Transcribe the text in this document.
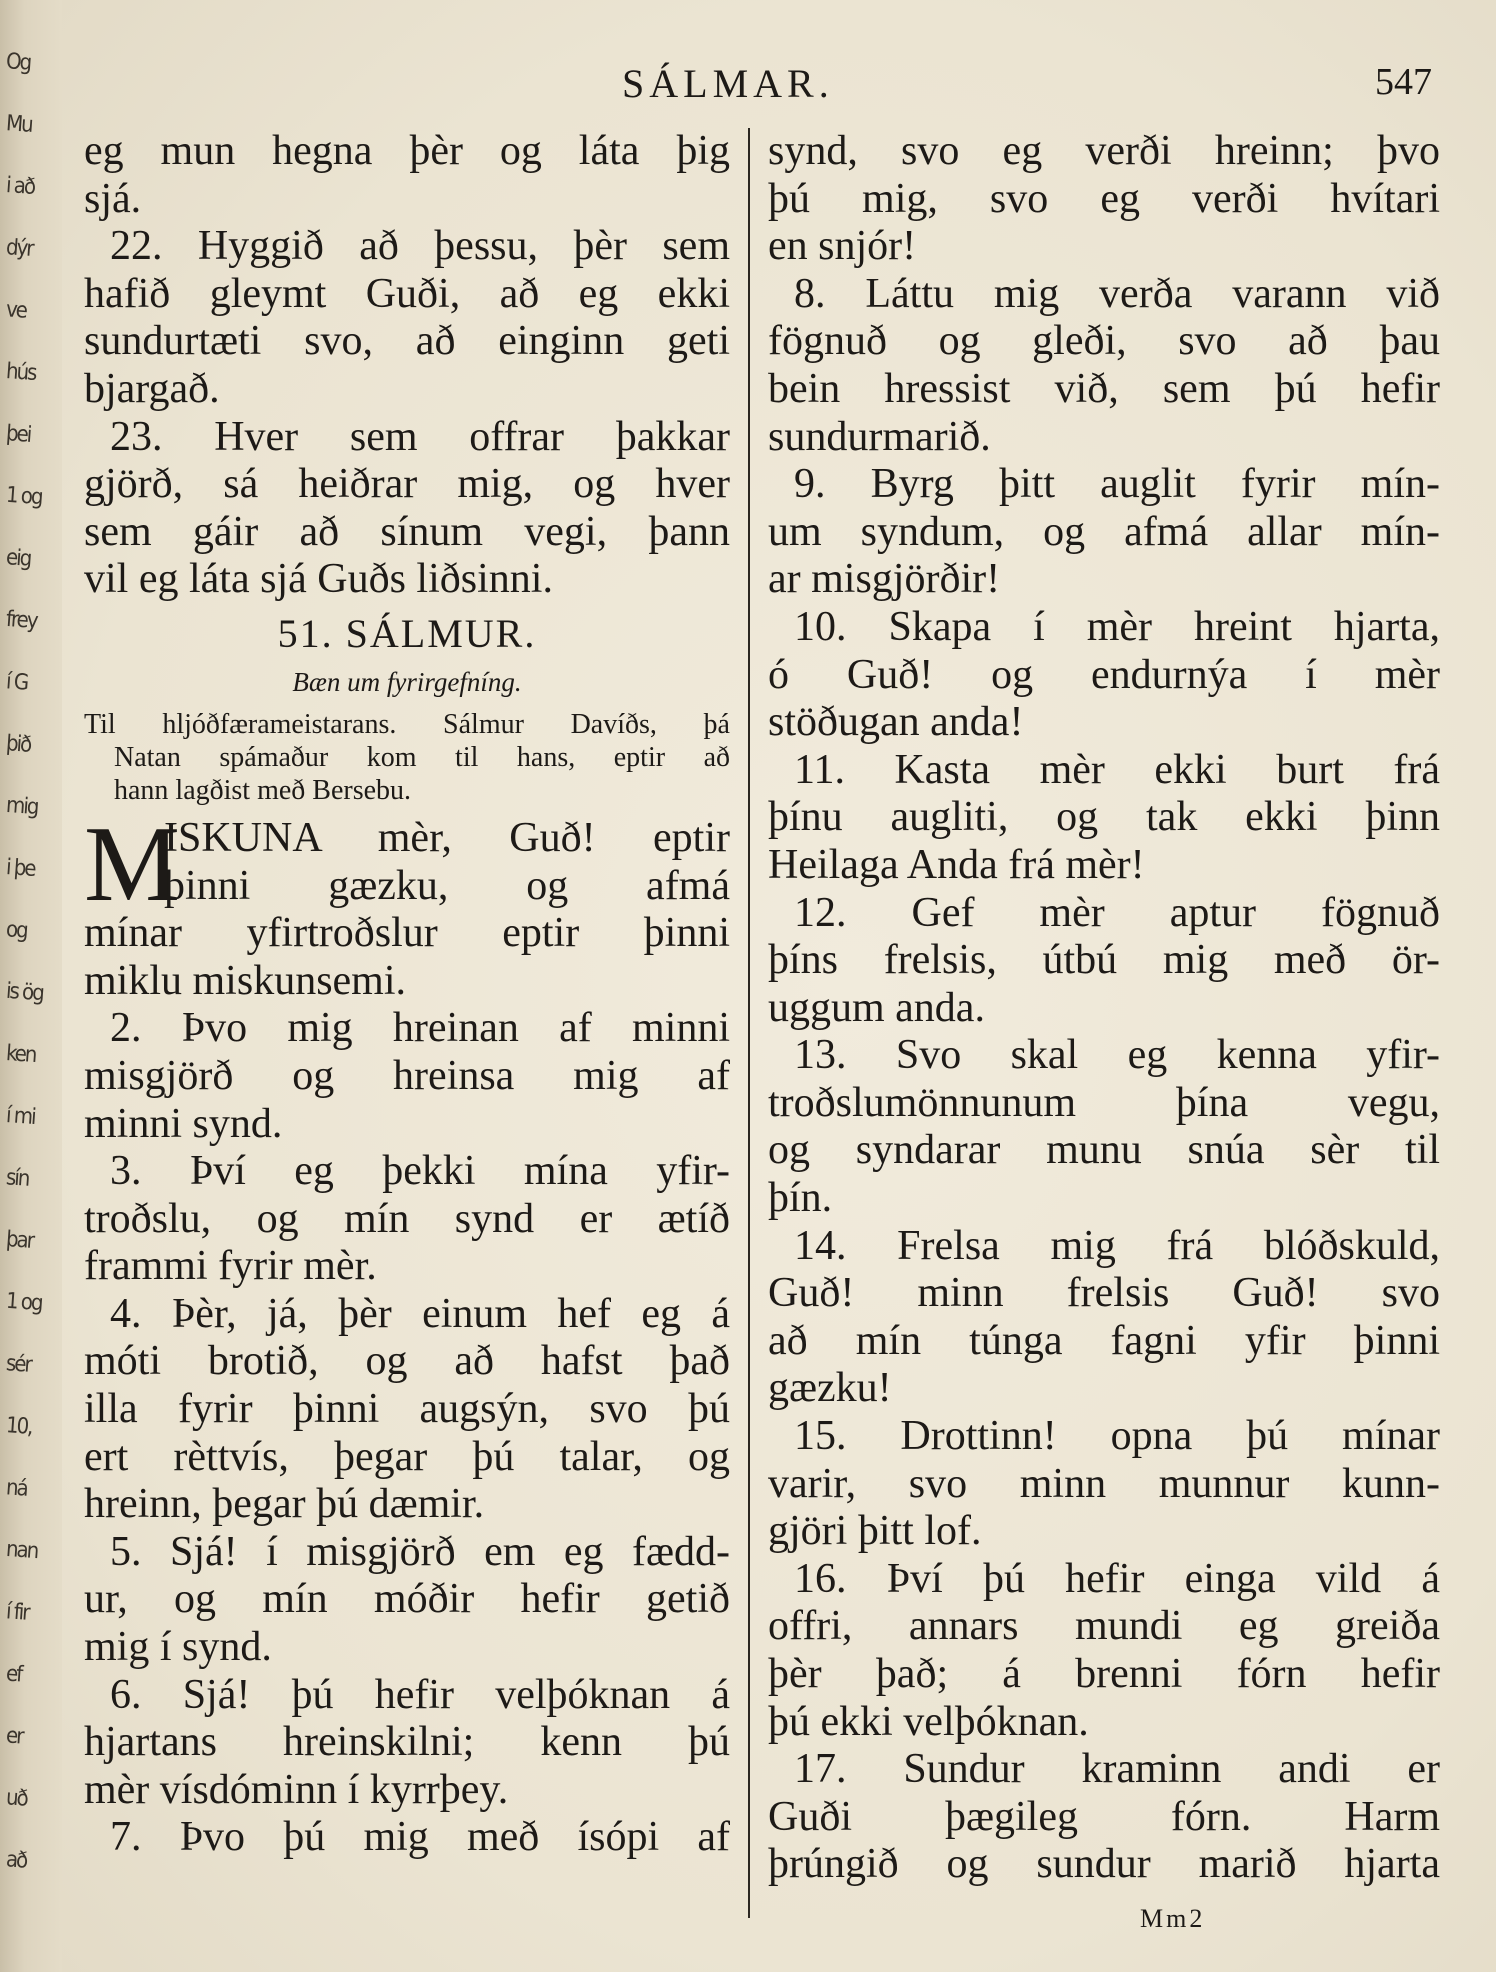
Og
Mu
i að
dýr
ve
hús
þei
1 og
eig
frey
í G
þið
mig
i þe
og
is ög
ken
í mi
sín
þar
1 og
sér
10,
ná
nan
í fir
ef
er
uð
að
SÁLMAR.	547
eg mun hegna þèr og láta þig
sjá.
22. Hyggið að þessu, þèr sem
hafið gleymt Guði, að eg ekki
sundurtæti svo, að einginn geti
bjargað.
23. Hver sem offrar þakkar
gjörð, sá heiðrar mig, og hver
sem gáir að sínum vegi, þann
vil eg láta sjá Guðs liðsinni.
51. SÁLMUR.
Bæn um fyrirgefníng.
Til hljóðfærameistarans. Sálmur Davíðs, þá
Natan spámaður kom til hans, eptir að
hann lagðist með Bersebu.
M
ISKUNA mèr, Guð! eptir
þinni gæzku, og afmá
mínar yfirtroðslur eptir þinni
miklu miskunsemi.
2. Þvo mig hreinan af minni
misgjörð og hreinsa mig af
minni synd.
3. Því eg þekki mína yfir-
troðslu, og mín synd er ætíð
frammi fyrir mèr.
4. Þèr, já, þèr einum hef eg á
móti brotið, og að hafst það
illa fyrir þinni augsýn, svo þú
ert rèttvís, þegar þú talar, og
hreinn, þegar þú dæmir.
5. Sjá! í misgjörð em eg fædd-
ur, og mín móðir hefir getið
mig í synd.
6. Sjá! þú hefir velþóknan á
hjartans hreinskilni; kenn þú
mèr vísdóminn í kyrrþey.
7. Þvo þú mig með ísópi af
synd, svo eg verði hreinn; þvo
þú mig, svo eg verði hvítari
en snjór!
8. Láttu mig verða varann við
fögnuð og gleði, svo að þau
bein hressist við, sem þú hefir
sundurmarið.
9. Byrg þitt auglit fyrir mín-
um syndum, og afmá allar mín-
ar misgjörðir!
10. Skapa í mèr hreint hjarta,
ó Guð! og endurnýa í mèr
stöðugan anda!
11. Kasta mèr ekki burt frá
þínu augliti, og tak ekki þinn
Heilaga Anda frá mèr!
12. Gef mèr aptur fögnuð
þíns frelsis, útbú mig með ör-
uggum anda.
13. Svo skal eg kenna yfir-
troðslumönnunum þína vegu,
og syndarar munu snúa sèr til
þín.
14. Frelsa mig frá blóðskuld,
Guð! minn frelsis Guð! svo
að mín túnga fagni yfir þinni
gæzku!
15. Drottinn! opna þú mínar
varir, svo minn munnur kunn-
gjöri þitt lof.
16. Því þú hefir einga vild á
offri, annars mundi eg greiða
þèr það; á brenni fórn hefir
þú ekki velþóknan.
17. Sundur kraminn andi er
Guði þægileg fórn. Harm
þrúngið og sundur marið hjarta
Mm2
